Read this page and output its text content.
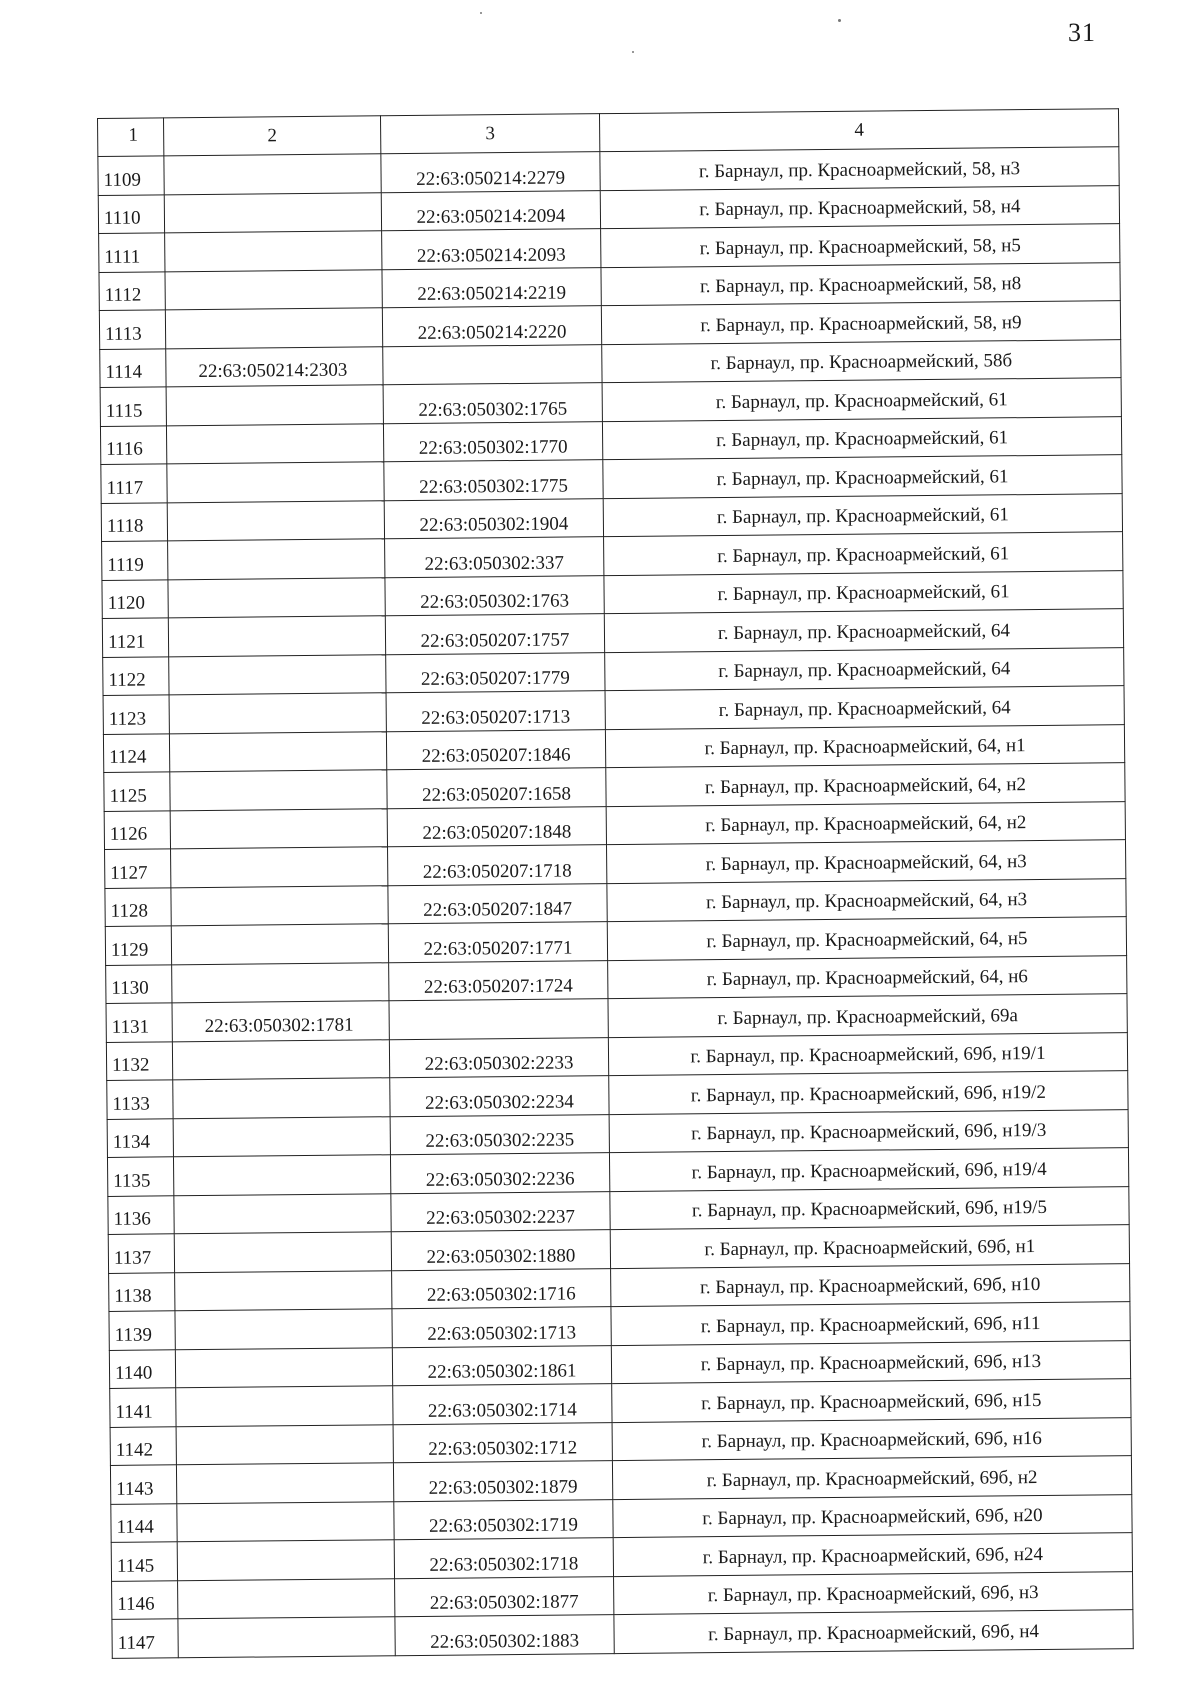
31
1	2	3	4
1109		22:63:050214:2279	г. Барнаул, пр. Красноармейский, 58, н3

1110		22:63:050214:2094	г. Барнаул, пр. Красноармейский, 58, н4

1111		22:63:050214:2093	г. Барнаул, пр. Красноармейский, 58, н5

1112		22:63:050214:2219	г. Барнаул, пр. Красноармейский, 58, н8

1113		22:63:050214:2220	г. Барнаул, пр. Красноармейский, 58, н9

1114	22:63:050214:2303		г. Барнаул, пр. Красноармейский, 58б

1115		22:63:050302:1765	г. Барнаул, пр. Красноармейский, 61

1116		22:63:050302:1770	г. Барнаул, пр. Красноармейский, 61

1117		22:63:050302:1775	г. Барнаул, пр. Красноармейский, 61

1118		22:63:050302:1904	г. Барнаул, пр. Красноармейский, 61

1119		22:63:050302:337	г. Барнаул, пр. Красноармейский, 61

1120		22:63:050302:1763	г. Барнаул, пр. Красноармейский, 61

1121		22:63:050207:1757	г. Барнаул, пр. Красноармейский, 64

1122		22:63:050207:1779	г. Барнаул, пр. Красноармейский, 64

1123		22:63:050207:1713	г. Барнаул, пр. Красноармейский, 64

1124		22:63:050207:1846	г. Барнаул, пр. Красноармейский, 64, н1

1125		22:63:050207:1658	г. Барнаул, пр. Красноармейский, 64, н2

1126		22:63:050207:1848	г. Барнаул, пр. Красноармейский, 64, н2

1127		22:63:050207:1718	г. Барнаул, пр. Красноармейский, 64, н3

1128		22:63:050207:1847	г. Барнаул, пр. Красноармейский, 64, н3

1129		22:63:050207:1771	г. Барнаул, пр. Красноармейский, 64, н5

1130		22:63:050207:1724	г. Барнаул, пр. Красноармейский, 64, н6

1131	22:63:050302:1781		г. Барнаул, пр. Красноармейский, 69а

1132		22:63:050302:2233	г. Барнаул, пр. Красноармейский, 69б, н19/1

1133		22:63:050302:2234	г. Барнаул, пр. Красноармейский, 69б, н19/2

1134		22:63:050302:2235	г. Барнаул, пр. Красноармейский, 69б, н19/3

1135		22:63:050302:2236	г. Барнаул, пр. Красноармейский, 69б, н19/4

1136		22:63:050302:2237	г. Барнаул, пр. Красноармейский, 69б, н19/5

1137		22:63:050302:1880	г. Барнаул, пр. Красноармейский, 69б, н1

1138		22:63:050302:1716	г. Барнаул, пр. Красноармейский, 69б, н10

1139		22:63:050302:1713	г. Барнаул, пр. Красноармейский, 69б, н11

1140		22:63:050302:1861	г. Барнаул, пр. Красноармейский, 69б, н13

1141		22:63:050302:1714	г. Барнаул, пр. Красноармейский, 69б, н15

1142		22:63:050302:1712	г. Барнаул, пр. Красноармейский, 69б, н16

1143		22:63:050302:1879	г. Барнаул, пр. Красноармейский, 69б, н2

1144		22:63:050302:1719	г. Барнаул, пр. Красноармейский, 69б, н20

1145		22:63:050302:1718	г. Барнаул, пр. Красноармейский, 69б, н24

1146		22:63:050302:1877	г. Барнаул, пр. Красноармейский, 69б, н3

1147		22:63:050302:1883	г. Барнаул, пр. Красноармейский, 69б, н4
